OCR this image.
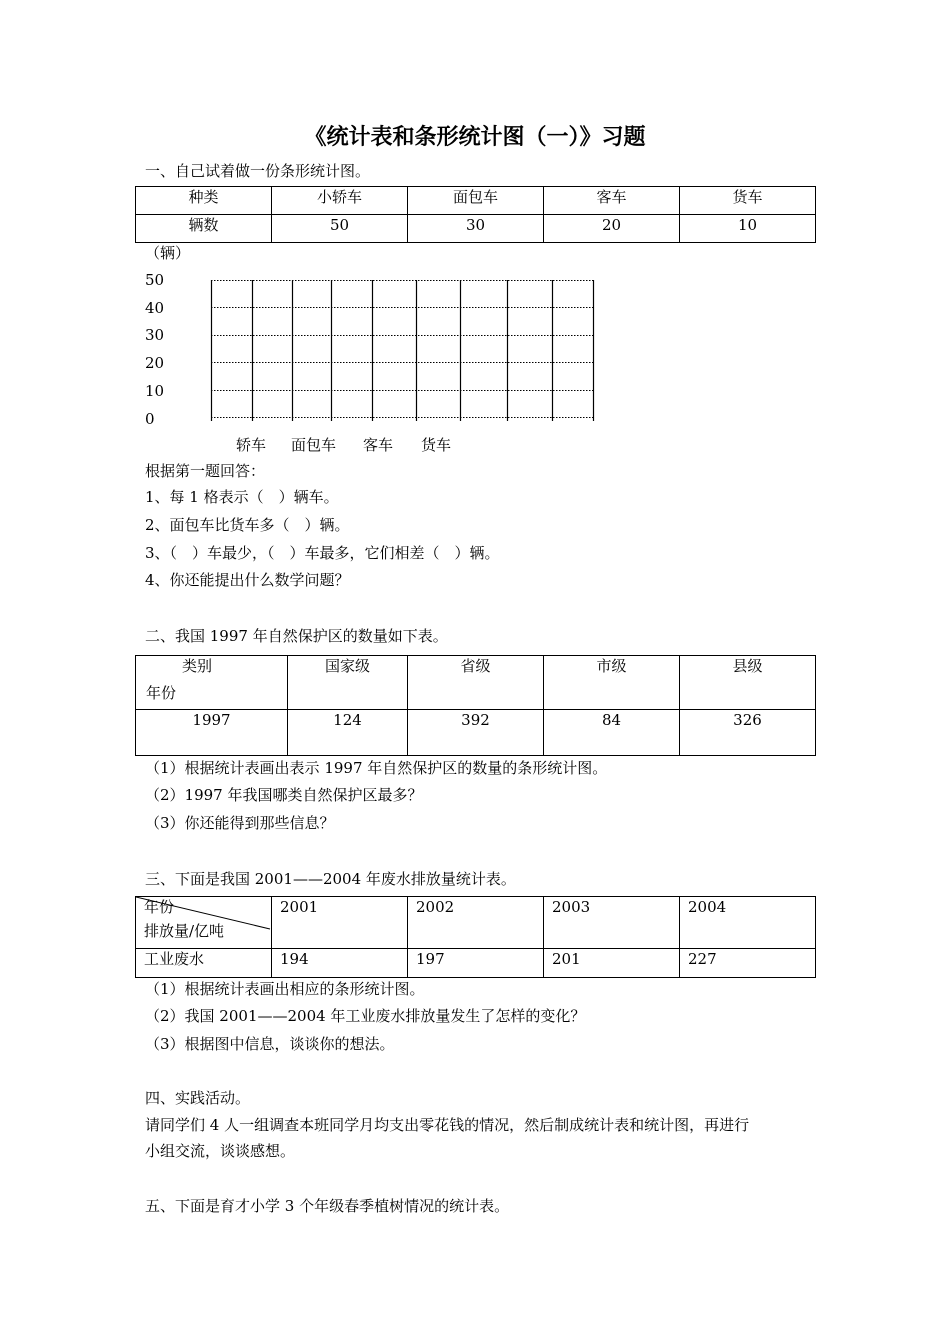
《统计表和条形统计图（一）》习题
一、自己试着做一份条形统计图。
种类	小轿车	面包车	客车	货车
辆数	50	30	20	10
（辆）
50
40
30
20
10
0
轿车 面包车 客车 货车
根据第一题回答：
1、每 1 格表示（　）辆车。
2、面包车比货车多（　）辆。
3、（　）车最少，（　）车最多，它们相差（　）辆。
4、你还能提出什么数学问题？
二、我国 1997 年自然保护区的数量如下表。
类别
年份	国家级	省级	市级	县级
1997	124	392	84	326
（1）根据统计表画出表示 1997 年自然保护区的数量的条形统计图。
（2）1997 年我国哪类自然保护区最多？
（3）你还能得到那些信息？
三、下面是我国 2001——2004 年废水排放量统计表。
年份
排放量/亿吨	2001	2002	2003	2004
工业废水	194	197	201	227
（1）根据统计表画出相应的条形统计图。
（2）我国 2001——2004 年工业废水排放量发生了怎样的变化？
（3）根据图中信息，谈谈你的想法。
四、实践活动。
请同学们 4 人一组调查本班同学月均支出零花钱的情况，然后制成统计表和统计图，再进行
小组交流，谈谈感想。
五、下面是育才小学 3 个年级春季植树情况的统计表。
